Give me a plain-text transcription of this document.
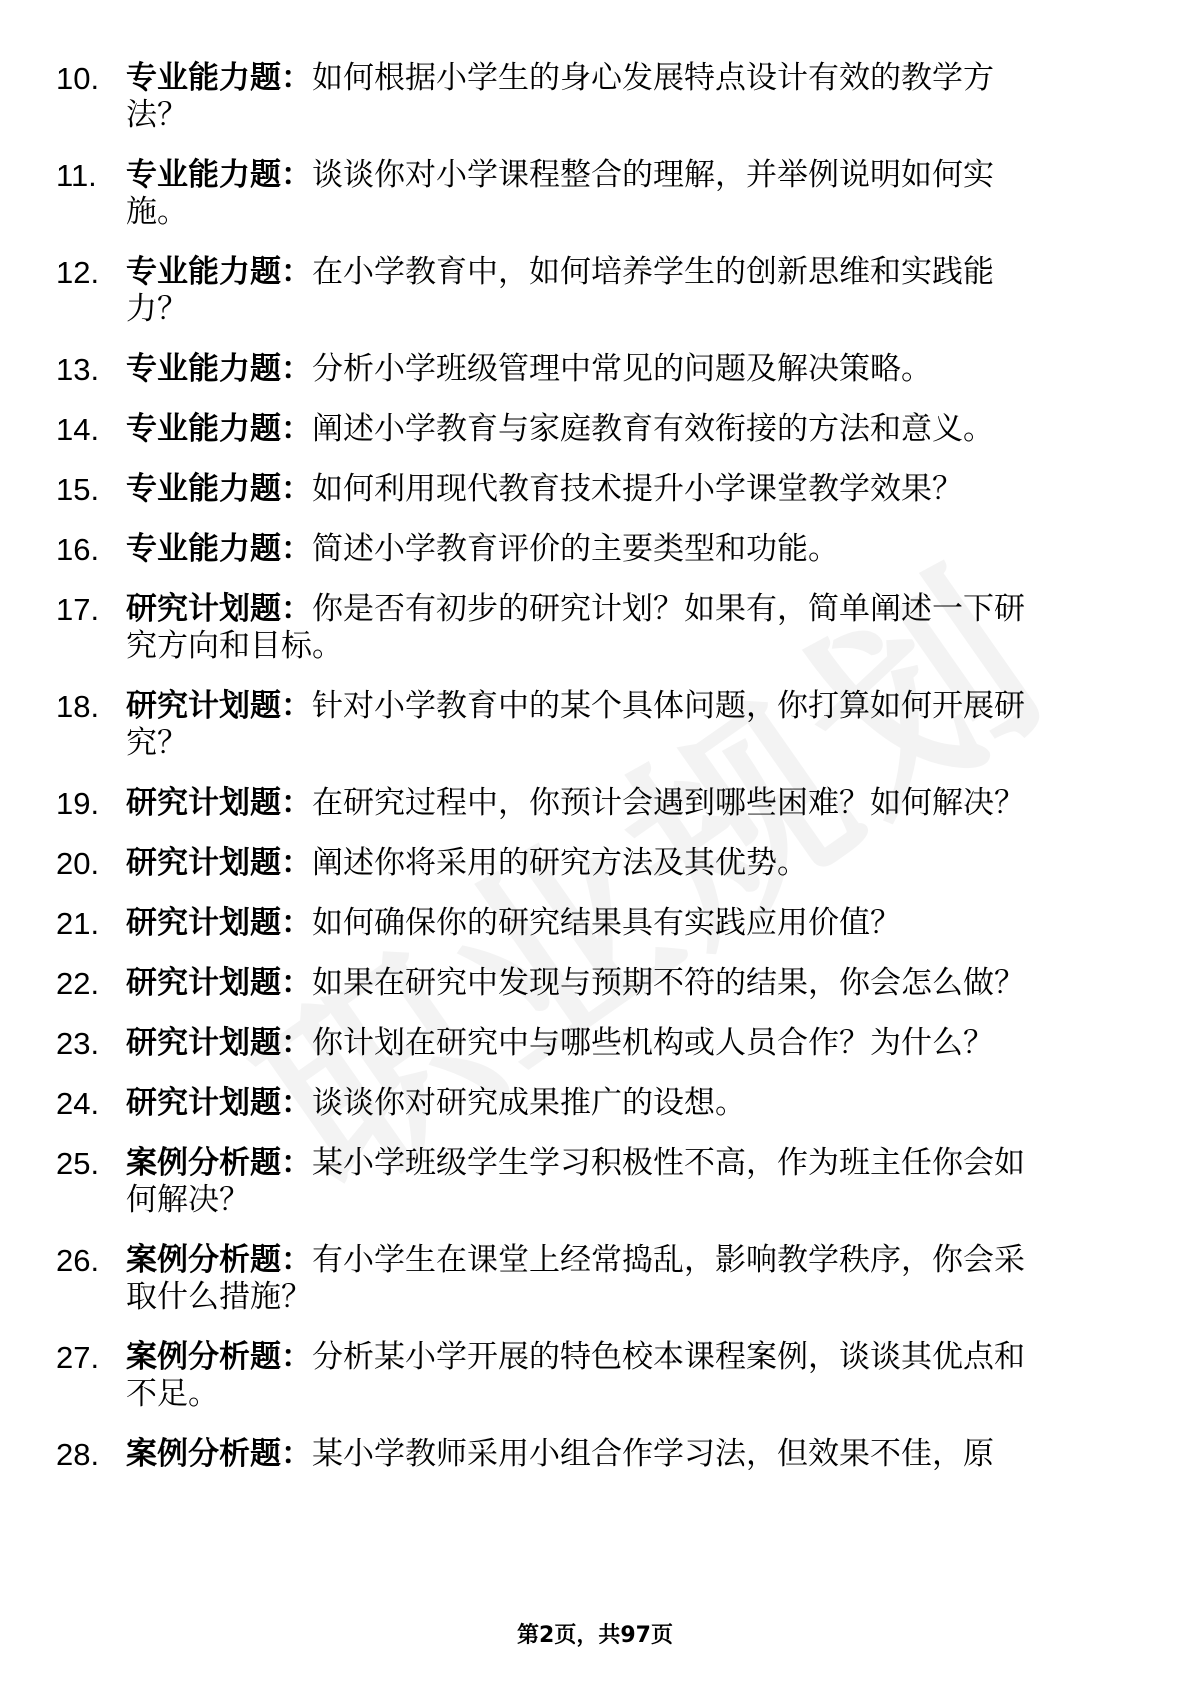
10. 专业能力题：如何根据小学生的身心发展特点设计有效的教学方法？
11. 专业能力题：谈谈你对小学课程整合的理解，并举例说明如何实施。
12. 专业能力题：在小学教育中，如何培养学生的创新思维和实践能力？
13. 专业能力题：分析小学班级管理中常见的问题及解决策略。
14. 专业能力题：阐述小学教育与家庭教育有效衔接的方法和意义。
15. 专业能力题：如何利用现代教育技术提升小学课堂教学效果？
16. 专业能力题：简述小学教育评价的主要类型和功能。
17. 研究计划题：你是否有初步的研究计划？如果有，简单阐述一下研究方向和目标。
18. 研究计划题：针对小学教育中的某个具体问题，你打算如何开展研究？
19. 研究计划题：在研究过程中，你预计会遇到哪些困难？如何解决？
20. 研究计划题：阐述你将采用的研究方法及其优势。
21. 研究计划题：如何确保你的研究结果具有实践应用价值？
22. 研究计划题：如果在研究中发现与预期不符的结果，你会怎么做？
23. 研究计划题：你计划在研究中与哪些机构或人员合作？为什么？
24. 研究计划题：谈谈你对研究成果推广的设想。
25. 案例分析题：某小学班级学生学习积极性不高，作为班主任你会如何解决？
26. 案例分析题：有小学生在课堂上经常捣乱，影响教学秩序，你会采取什么措施？
27. 案例分析题：分析某小学开展的特色校本课程案例，谈谈其优点和不足。
28. 案例分析题：某小学教师采用小组合作学习法，但效果不佳，原
第2页，共97页
